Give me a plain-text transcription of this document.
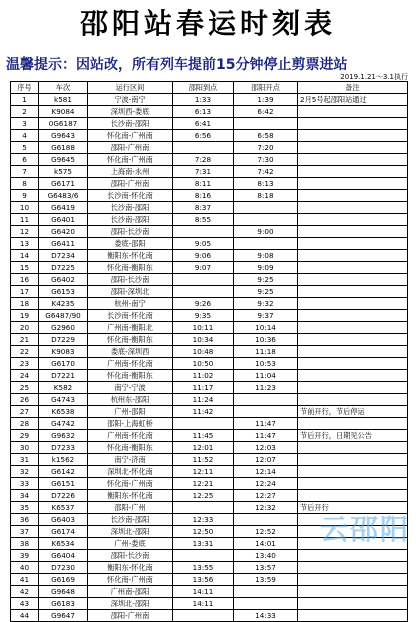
邵阳站春运时刻表
温馨提示：因站改，所有列车提前15分钟停止剪票进站
2019.1.21～3.1执行
序号	车次	运行区间	邵阳到点	邵阳开点	备注
1	k581	宁波-南宁	1:33	1:39	2月5号起邵阳站通过
2	K9084	深圳西-娄底	6:13	6:42	
3	0G6187	长沙南-邵阳	6:41		
4	G9643	怀化南-广州南	6:56	6:58	
5	G6188	邵阳-广州南		7:20	
6	G9645	怀化南-广州南	7:28	7:30	
7	k575	上海南-永州	7:31	7:42	
8	G6171	邵阳-广州南	8:11	8:13	
9	G6483/6	长沙南-怀化南	8:16	8:18	
10	G6419	长沙南-邵阳	8:37		
11	G6401	长沙南-邵阳	8:55		
12	G6420	邵阳-长沙南		9:00	
13	G6411	娄底-邵阳	9:05		
14	D7234	衡阳东-怀化南	9:06	9:08	
15	D7225	怀化南-衡阳东	9:07	9:09	
16	G6402	邵阳-长沙南		9:25	
17	G6153	邵阳-深圳北		9:25	
18	K4235	杭州-南宁	9:26	9:32	
19	G6487/90	长沙南-怀化南	9:35	9:37	
20	G2960	广州南-衡阳北	10:11	10:14	
21	D7229	怀化南-衡阳东	10:34	10:36	
22	K9083	娄底-深圳西	10:48	11:18	
23	G6170	广州南-怀化南	10:50	10:53	
24	D7221	怀化南-衡阳东	11:02	11:04	
25	K582	南宁-宁波	11:17	11:23	
26	G4743	杭州东-邵阳	11:24		
27	K6538	广州-邵阳	11:42		节前开行，节后停运
28	G4742	邵阳-上海虹桥		11:47	
29	G9632	广州南-怀化南	11:45	11:47	节后开行，日期见公告
30	D7233	怀化南-衡阳东	12:01	12:03	
31	k1562	南宁-济南	11:52	12:07	
32	G6142	深圳北-怀化南	12:11	12:14	
33	G6151	怀化南-广州南	12:21	12:24	
34	D7226	衡阳东-怀化南	12:25	12:27	
35	K6537	邵阳-广州		12:32	节后开行
36	G6403	长沙南-邵阳	12:33		
37	G6174	深圳北-邵阳	12:50	12:52	
38	K6534	广州-娄底	13:31	14:01	
39	G6404	邵阳-长沙南		13:40	
40	D7230	衡阳东-怀化南	13:55	13:57	
41	G6169	怀化南-广州南	13:56	13:59	
42	G9648	广州南-邵阳	14:11		
43	G6183	深圳北-邵阳	14:11		
44	G9647	邵阳-广州南		14:33	
云邵阳
